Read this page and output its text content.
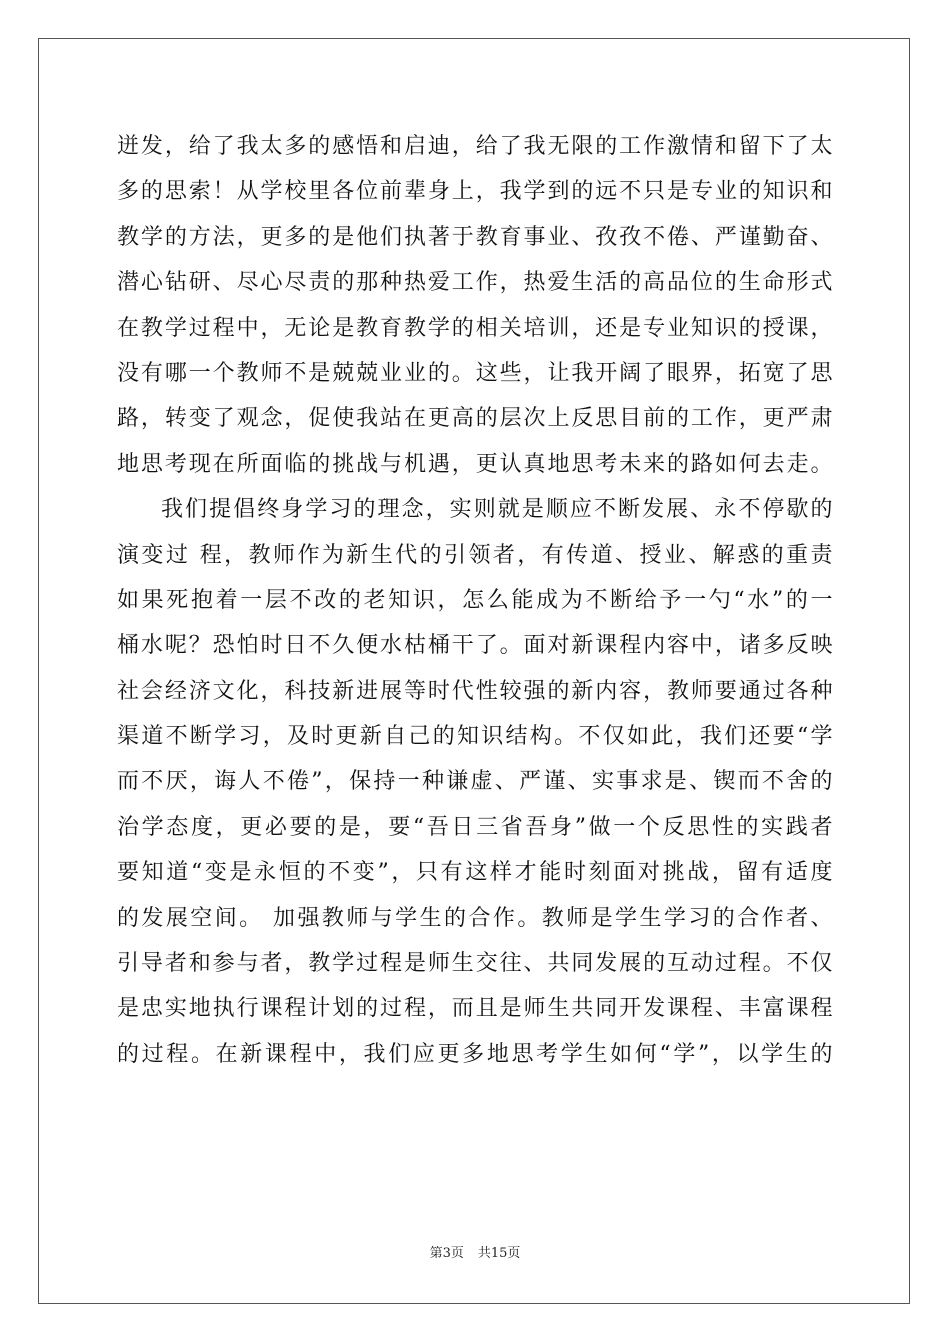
迸发，给了我太多的感悟和启迪，给了我无限的工作激情和留下了太
多的思索！从学校里各位前辈身上，我学到的远不只是专业的知识和
教学的方法，更多的是他们执著于教育事业、孜孜不倦、严谨勤奋、
潜心钻研、尽心尽责的那种热爱工作，热爱生活的高品位的生命形式
在教学过程中，无论是教育教学的相关培训，还是专业知识的授课，
没有哪一个教师不是兢兢业业的。这些，让我开阔了眼界，拓宽了思
路，转变了观念，促使我站在更高的层次上反思目前的工作，更严肃
地思考现在所面临的挑战与机遇，更认真地思考未来的路如何去走。
我们提倡终身学习的理念，实则就是顺应不断发展、永不停歇的
演变过 程，教师作为新生代的引领者，有传道、授业、解惑的重责
如果死抱着一层不改的老知识，怎么能成为不断给予一勺“水”的一
桶水呢？恐怕时日不久便水枯桶干了。面对新课程内容中，诸多反映
社会经济文化，科技新进展等时代性较强的新内容，教师要通过各种
渠道不断学习，及时更新自己的知识结构。不仅如此，我们还要“学
而不厌，诲人不倦”，保持一种谦虚、严谨、实事求是、锲而不舍的
治学态度，更必要的是，要“吾日三省吾身”做一个反思性的实践者
要知道“变是永恒的不变”，只有这样才能时刻面对挑战，留有适度
的发展空间。 加强教师与学生的合作。教师是学生学习的合作者、
引导者和参与者，教学过程是师生交往、共同发展的互动过程。不仅
是忠实地执行课程计划的过程，而且是师生共同开发课程、丰富课程
的过程。在新课程中，我们应更多地思考学生如何“学”，以学生的
第3页 共15页
